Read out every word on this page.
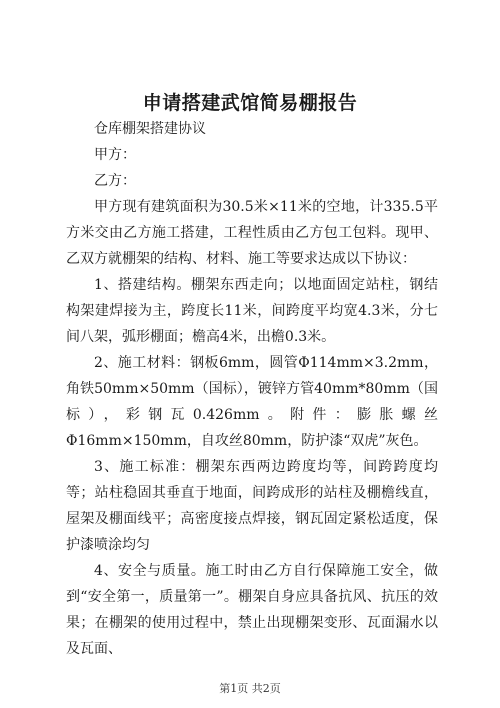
申请搭建武馆简易棚报告

仓库棚架搭建协议

甲方：

乙方：

甲方现有建筑面积为30.5米×11米的空地，计335.5平方米交由乙方施工搭建，工程性质由乙方包工包料。现甲、乙双方就棚架的结构、材料、施工等要求达成以下协议：

1、搭建结构。棚架东西走向；以地面固定站柱，钢结构架建焊接为主，跨度长11米，间跨度平均宽4.3米，分七间八架，弧形棚面；檐高4米，出檐0.3米。

2、施工材料：钢板6mm，圆管Φ114mm×3.2mm，角铁50mm×50mm（国标），镀锌方管40mm*80mm（国标），彩钢瓦0.426mm。附件：膨胀螺丝Φ16mm×150mm，自攻丝80mm，防护漆“双虎”灰色。

3、施工标准：棚架东西两边跨度均等，间跨跨度均等；站柱稳固其垂直于地面，间跨成形的站柱及棚檐线直，屋架及棚面线平；高密度接点焊接，钢瓦固定紧松适度，保护漆喷涂均匀

4、安全与质量。施工时由乙方自行保障施工安全，做到“安全第一，质量第一”。棚架自身应具备抗风、抗压的效果；在棚架的使用过程中，禁止出现棚架变形、瓦面漏水以及瓦面、

第1页 共2页
